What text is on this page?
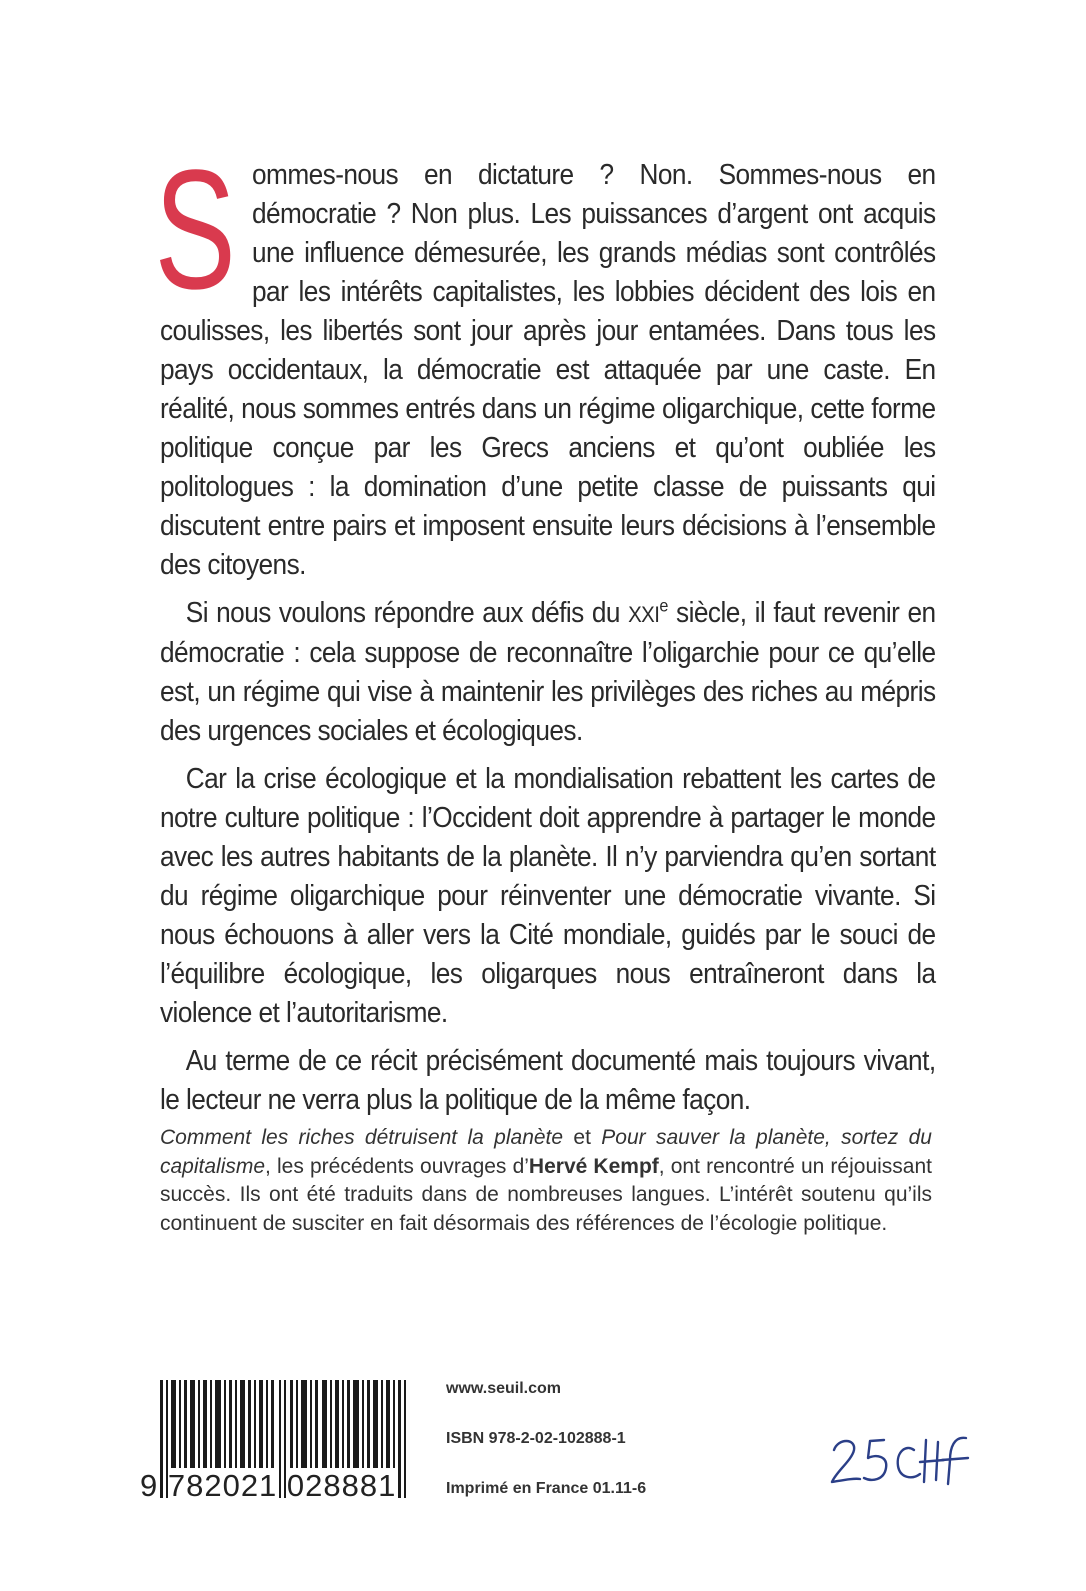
Sommes-nous en dictature ? Non. Sommes-nous en démocratie ? Non plus. Les puissances d’argent ont acquis une influence démesurée, les grands médias sont contrôlés par les intérêts capitalistes, les lobbies décident des lois en coulisses, les libertés sont jour après jour entamées. Dans tous les pays occidentaux, la démocratie est attaquée par une caste. En réalité, nous sommes entrés dans un régime oligarchique, cette forme politique conçue par les Grecs anciens et qu’ont oubliée les politologues : la domination d’une petite classe de puissants qui discutent entre pairs et imposent ensuite leurs décisions à l’ensemble des citoyens.

Si nous voulons répondre aux défis du XXIe siècle, il faut revenir en démocratie : cela suppose de reconnaître l’oligarchie pour ce qu’elle est, un régime qui vise à maintenir les privilèges des riches au mépris des urgences sociales et écologiques.

Car la crise écologique et la mondialisation rebattent les cartes de notre culture politique : l’Occident doit apprendre à partager le monde avec les autres habitants de la planète. Il n’y parviendra qu’en sortant du régime oligarchique pour réinventer une démocratie vivante. Si nous échouons à aller vers la Cité mondiale, guidés par le souci de l’équilibre écologique, les oligarques nous entraîneront dans la violence et l’autoritarisme.

Au terme de ce récit précisément documenté mais toujours vivant, le lecteur ne verra plus la politique de la même façon.

Comment les riches détruisent la planète et Pour sauver la planète, sortez du capitalisme, les précédents ouvrages d’Hervé Kempf, ont rencontré un réjouissant succès. Ils ont été traduits dans de nombreuses langues. L’intérêt soutenu qu’ils continuent de susciter en fait désormais des références de l’écologie politique.
9 782021 028881
www.seuil.com
ISBN 978-2-02-102888-1
Imprimé en France 01.11-6
